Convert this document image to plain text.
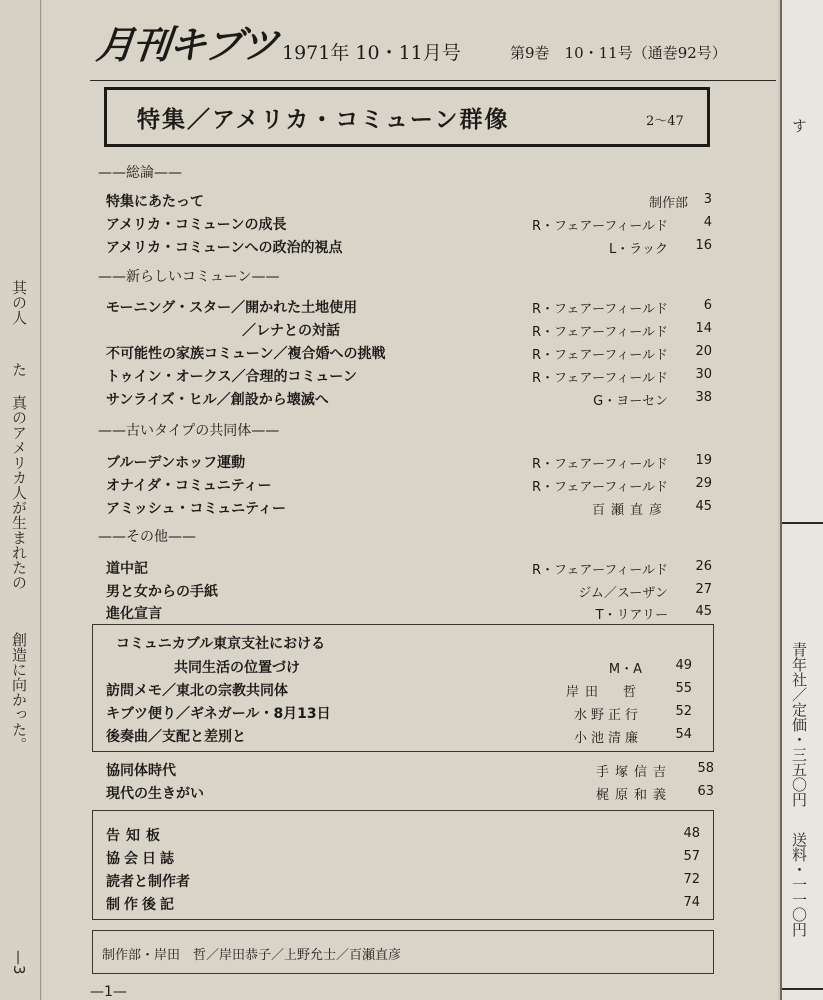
其の人
た
真のアメリカ人が生まれたの
創造に向かった。
—3
す
青年社／定価・三五〇円
送料・一一〇円
月刊キブツ 1971年 10・11月号	第9巻　10・11号（通巻92号）
特集／アメリカ・コミューン群像	2〜47
——総論——
特集にあたって	制作部	3
アメリカ・コミューンの成長	R・フェアーフィールド	4
アメリカ・コミューンへの政治的視点	L・ラック	16
——新らしいコミューン——
モーニング・スター／開かれた土地使用	R・フェアーフィールド	6
／レナとの対話	R・フェアーフィールド	14
不可能性の家族コミューン／複合婚への挑戦	R・フェアーフィールド	20
トゥイン・オークス／合理的コミューン	R・フェアーフィールド	30
サンライズ・ヒル／創設から壊滅へ	G・ヨーセン	38
——古いタイプの共同体——
ブルーデンホッフ運動	R・フェアーフィールド	19
オナイダ・コミュニティー	R・フェアーフィールド	29
アミッシュ・コミュニティー	百瀬直彦	45
——その他——
道中記	R・フェアーフィールド	26
男と女からの手紙	ジム／スーザン	27
進化宣言	T・リアリー	45
コミュニカブル東京支社における
共同生活の位置づけ	M・A	49
訪問メモ／東北の宗教共同体	岸田　哲	55
キブツ便り／ギネガール・8月13日	水野正行	52
後奏曲／支配と差別と	小池清廉	54
協同体時代	手塚信吉	58
現代の生きがい	梶原和義	63
告知板	48
協会日誌	57
読者と制作者	72
制作後記	74
制作部・岸田　哲／岸田恭子／上野允士／百瀬直彦
—1—
